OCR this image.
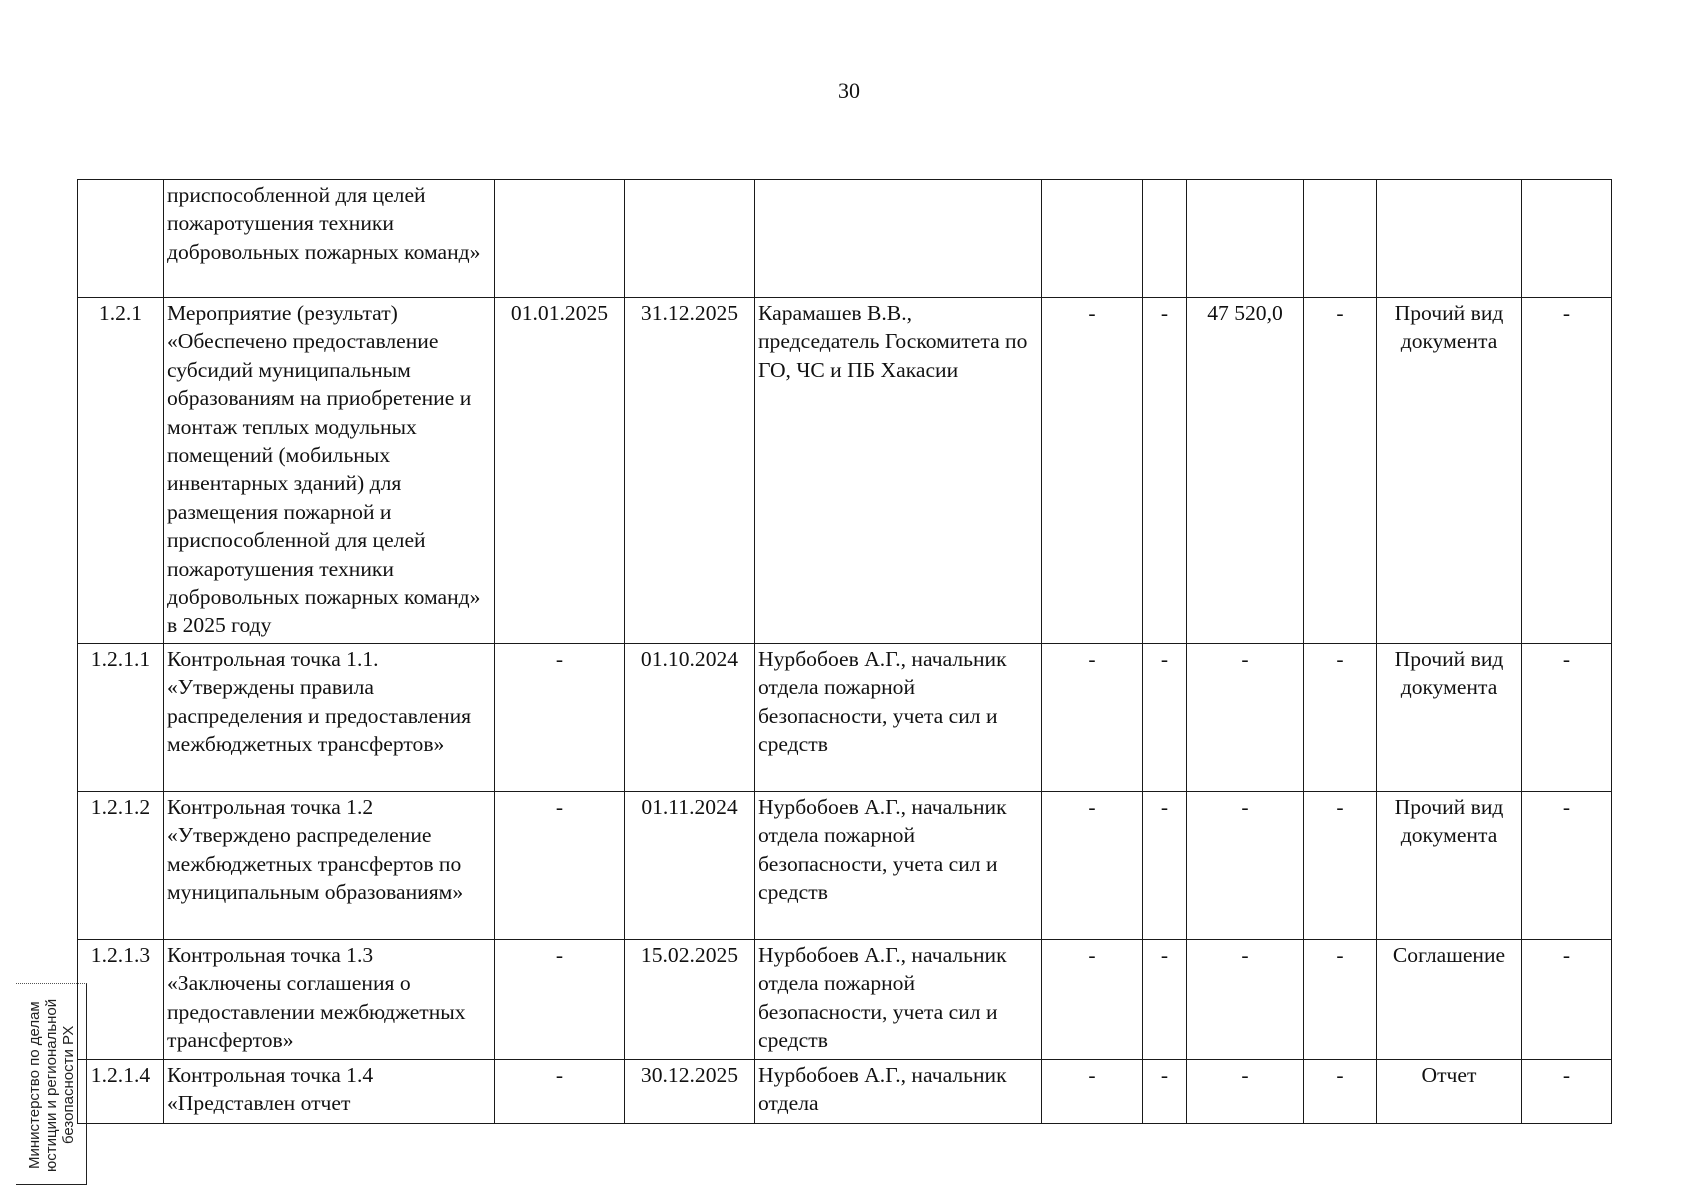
30
	приспособленной для целей пожаротушения техники добровольных пожарных команд»									
1.2.1	Мероприятие (результат) «Обеспечено предоставление субсидий муниципальным образованиям на приобретение и монтаж теплых модульных помещений (мобильных инвентарных зданий) для размещения пожарной и приспособленной для целей пожаротушения техники добровольных пожарных команд» в 2025 году	01.01.2025	31.12.2025	Карамашев В.В., председатель Госкомитета по ГО, ЧС и ПБ Хакасии	-	-	47 520,0	-	Прочий вид документа	-
1.2.1.1	Контрольная точка 1.1. «Утверждены правила распределения и предоставления межбюджетных трансфертов»	-	01.10.2024	Нурбобоев А.Г., начальник отдела пожарной безопасности, учета сил и средств	-	-	-	-	Прочий вид документа	-
1.2.1.2	Контрольная точка 1.2 «Утверждено распределение межбюджетных трансфертов по муниципальным образованиям»	-	01.11.2024	Нурбобоев А.Г., начальник отдела пожарной безопасности, учета сил и средств	-	-	-	-	Прочий вид документа	-
1.2.1.3	Контрольная точка 1.3 «Заключены соглашения о предоставлении межбюджетных трансфертов»	-	15.02.2025	Нурбобоев А.Г., начальник отдела пожарной безопасности, учета сил и средств	-	-	-	-	Соглашение	-
1.2.1.4	Контрольная точка 1.4 «Представлен отчет	-	30.12.2025	Нурбобоев А.Г., начальник отдела	-	-	-	-	Отчет	-
Министерство по делам юстиции и региональной безопасности РХ
